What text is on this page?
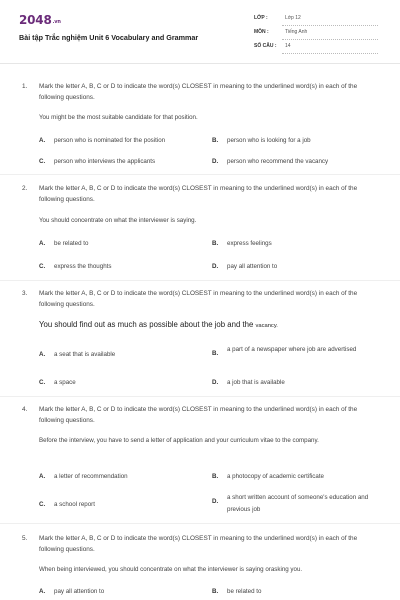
2048.vn
Bài tập Trắc nghiệm Unit 6 Vocabulary and Grammar
LỚP :	Lớp 12
MÔN :	Tiếng Anh
SỐ CÂU : 14
1. Mark the letter A, B, C or D to indicate the word(s) CLOSEST in meaning to the underlined word(s) in each of the following questions.
You might be the most suitable candidate for that position.
A. person who is nominated for the position	B. person who is looking for a job
C. person who interviews the applicants	D. person who recommend the vacancy
2. Mark the letter A, B, C or D to indicate the word(s) CLOSEST in meaning to the underlined word(s) in each of the following questions.
You should concentrate on what the interviewer is saying.
A. be related to	B. express feelings
C. express the thoughts	D. pay all attention to
3. Mark the letter A, B, C or D to indicate the word(s) CLOSEST in meaning to the underlined word(s) in each of the following questions.
You should find out as much as possible about the job and the vacancy.
A. a seat that is available	B.
a part of a newspaper where job are advertised
C. a space	D. a job that is available
4. Mark the letter A, B, C or D to indicate the word(s) CLOSEST in meaning to the underlined word(s) in each of the following questions.
Before the interview, you have to send a letter of application and your curriculum vitae to the company.
A. a letter of recommendation	B. a photocopy of academic certificate
C. a school report	D.
a short written account of someone's education and previous job
5. Mark the letter A, B, C or D to indicate the word(s) CLOSEST in meaning to the underlined word(s) in each of the following questions.
When being interviewed, you should concentrate on what the interviewer is saying orasking you.
A. pay all attention to	B. be related to
